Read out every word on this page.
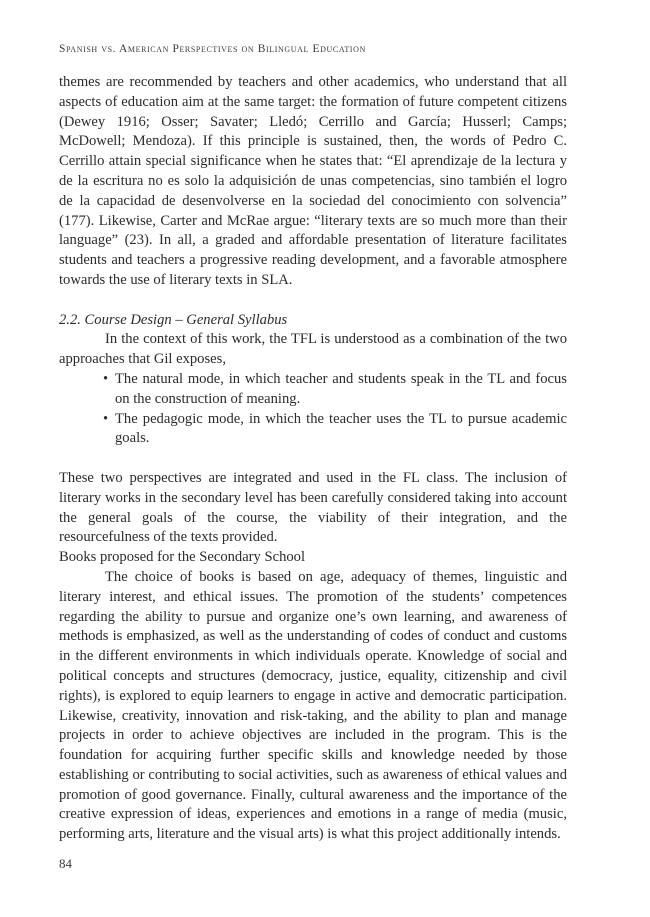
Spanish vs. American Perspectives on Bilingual Education

themes are recommended by teachers and other academics, who understand that all aspects of education aim at the same target: the formation of future competent citizens (Dewey 1916; Osser; Savater; Lledó; Cerrillo and García; Husserl; Camps; McDowell; Mendoza). If this principle is sustained, then, the words of Pedro C. Cerrillo attain special significance when he states that: “El aprendizaje de la lectura y de la escritura no es solo la adquisición de unas competencias, sino también el logro de la capacidad de desenvolverse en la sociedad del conocimiento con solvencia” (177). Likewise, Carter and McRae argue: “literary texts are so much more than their language” (23). In all, a graded and affordable presentation of literature facilitates students and teachers a progressive reading development, and a favorable atmosphere towards the use of literary texts in SLA.

2.2. Course Design – General Syllabus

In the context of this work, the TFL is understood as a combination of the two approaches that Gil exposes,

• The natural mode, in which teacher and students speak in the TL and focus on the construction of meaning.
• The pedagogic mode, in which the teacher uses the TL to pursue academic goals.

These two perspectives are integrated and used in the FL class. The inclusion of literary works in the secondary level has been carefully considered taking into account the general goals of the course, the viability of their integration, and the resourcefulness of the texts provided.

Books proposed for the Secondary School

The choice of books is based on age, adequacy of themes, linguistic and literary interest, and ethical issues. The promotion of the students’ competences regarding the ability to pursue and organize one’s own learning, and awareness of methods is emphasized, as well as the understanding of codes of conduct and customs in the different environments in which individuals operate. Knowledge of social and political concepts and structures (democracy, justice, equality, citizenship and civil rights), is explored to equip learners to engage in active and democratic participation. Likewise, creativity, innovation and risk-taking, and the ability to plan and manage projects in order to achieve objectives are included in the program. This is the foundation for acquiring further specific skills and knowledge needed by those establishing or contributing to social activities, such as awareness of ethical values and promotion of good governance. Finally, cultural awareness and the importance of the creative expression of ideas, experiences and emotions in a range of media (music, performing arts, literature and the visual arts) is what this project additionally intends.

84
